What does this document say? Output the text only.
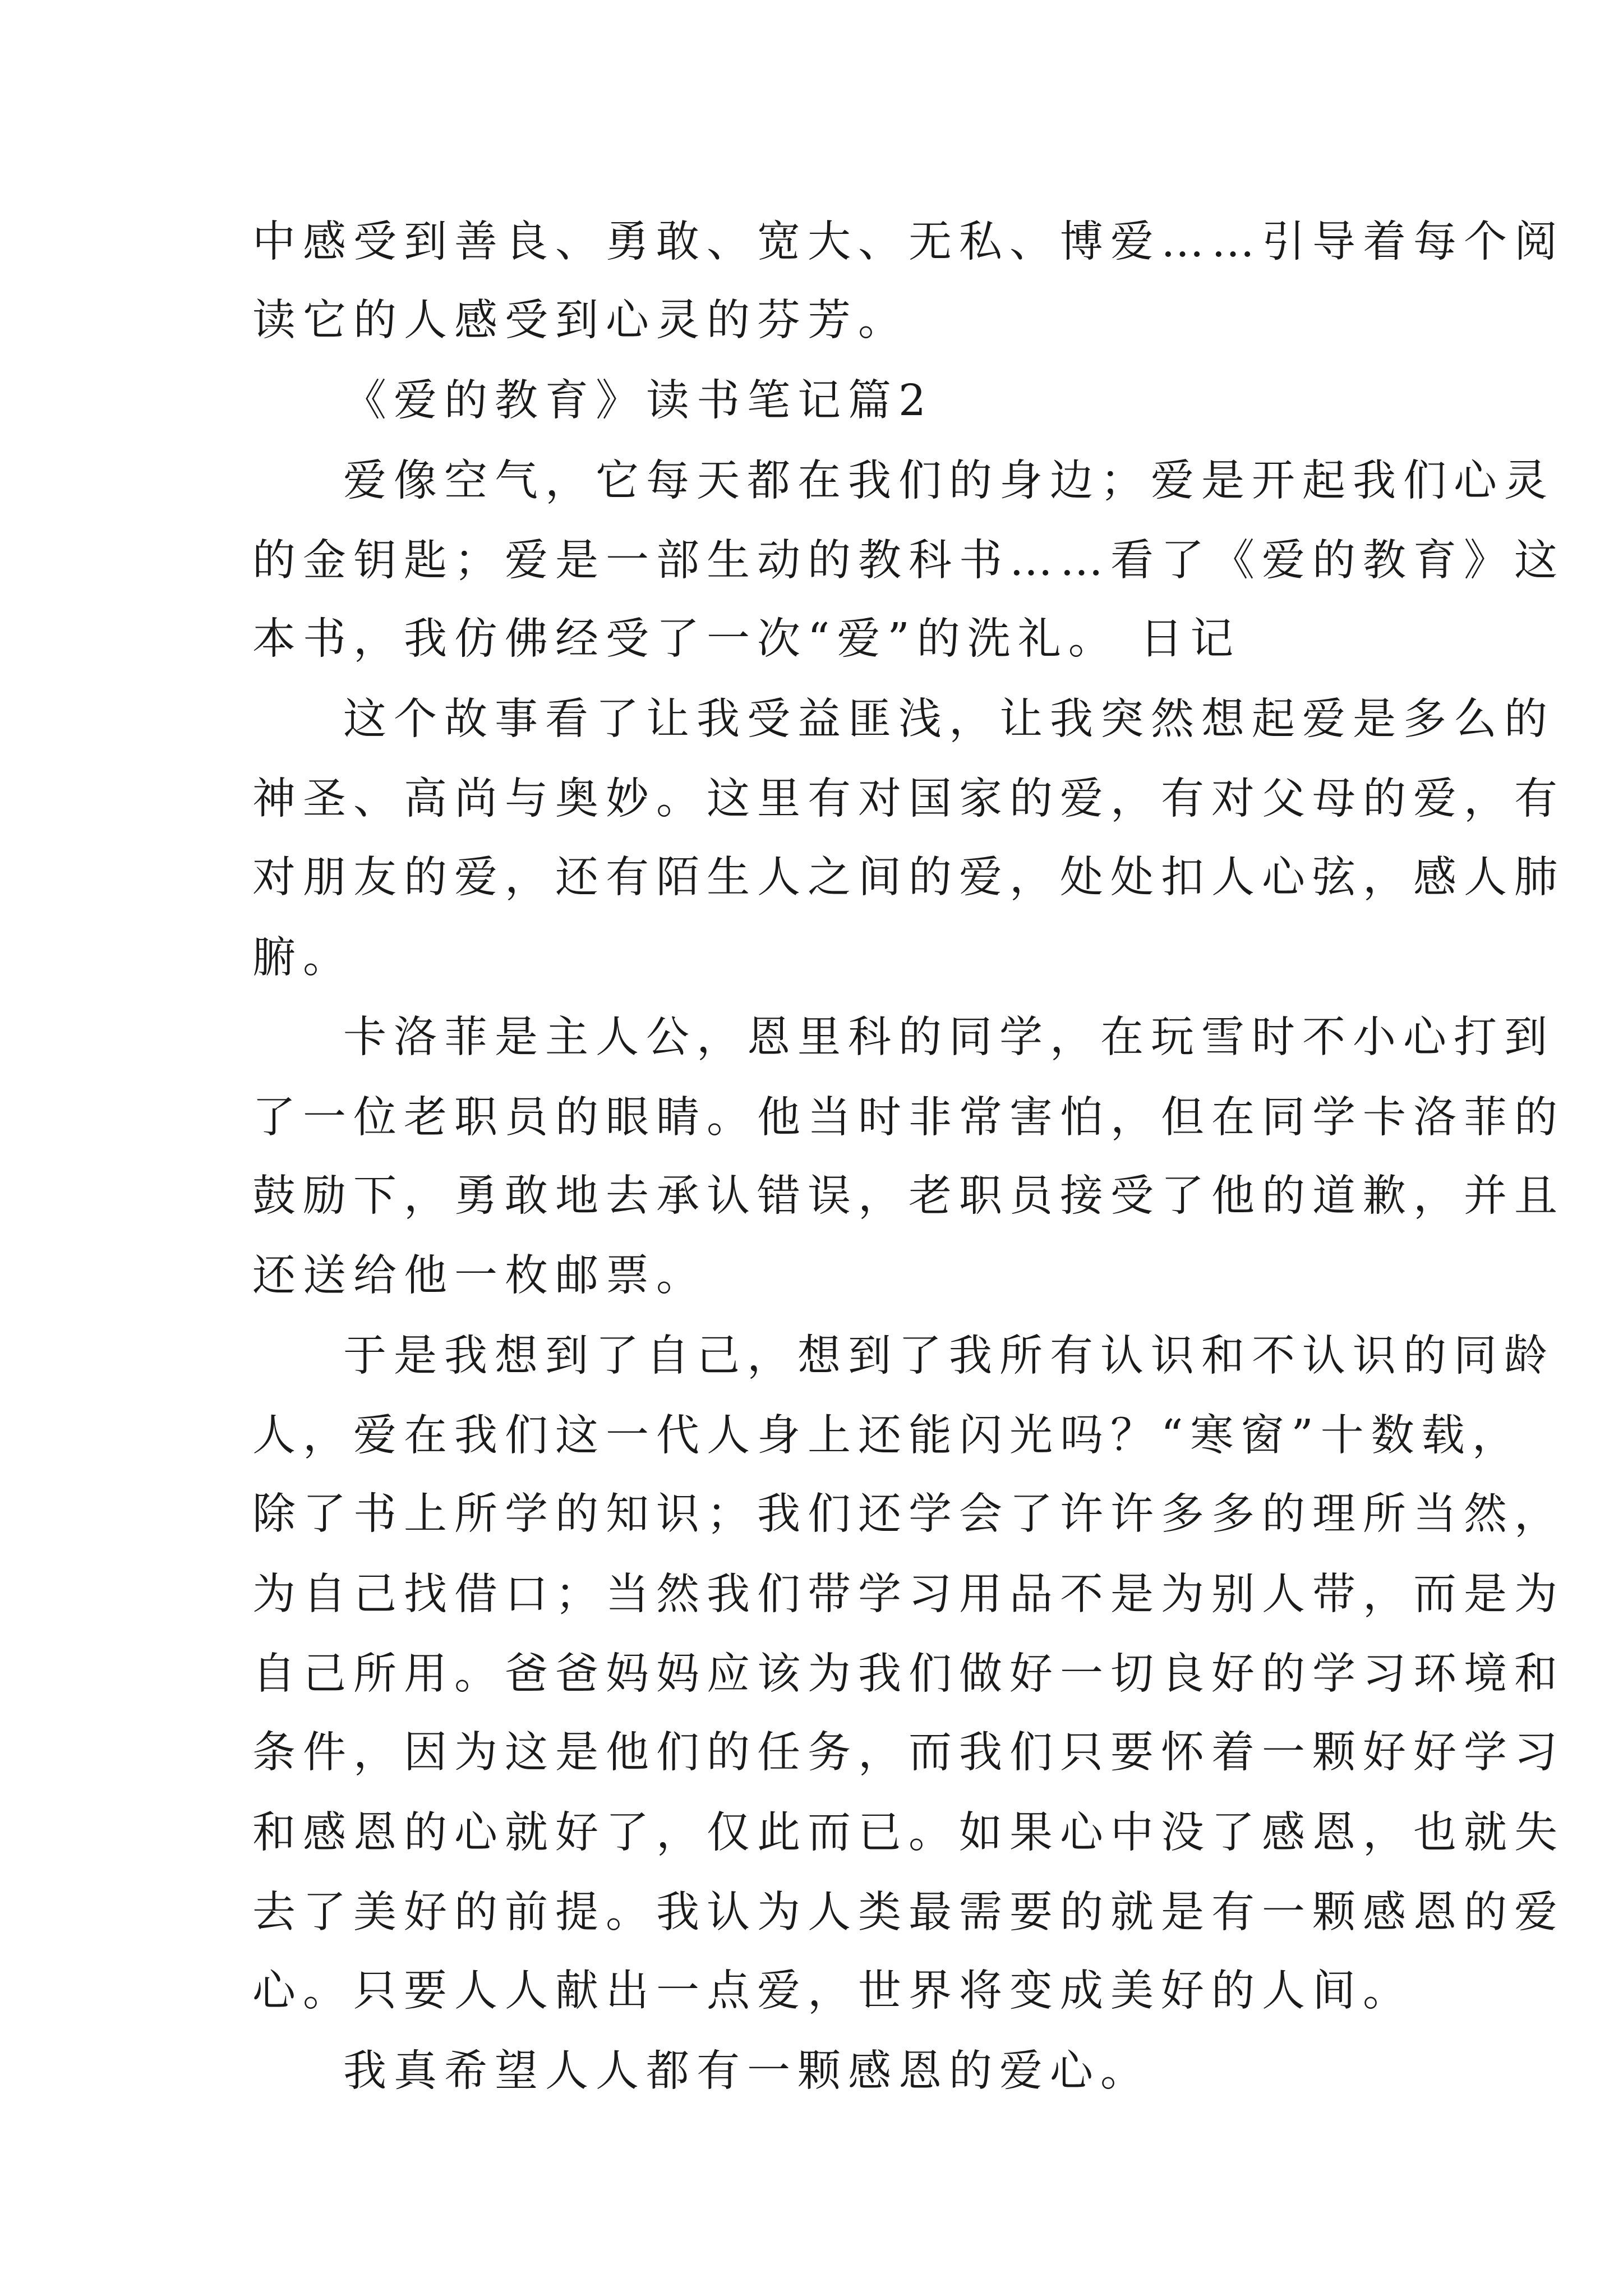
中感受到善良、勇敢、宽大、无私、博爱……引导着每个阅
读它的人感受到心灵的芬芳。
《爱的教育》读书笔记篇2
爱像空气，它每天都在我们的身边；爱是开起我们心灵
的金钥匙；爱是一部生动的教科书……看了《爱的教育》这
本书，我仿佛经受了一次“爱”的洗礼。 日记
这个故事看了让我受益匪浅，让我突然想起爱是多么的
神圣、高尚与奥妙。这里有对国家的爱，有对父母的爱，有
对朋友的爱，还有陌生人之间的爱，处处扣人心弦，感人肺
腑。
卡洛菲是主人公，恩里科的同学，在玩雪时不小心打到
了一位老职员的眼睛。他当时非常害怕，但在同学卡洛菲的
鼓励下，勇敢地去承认错误，老职员接受了他的道歉，并且
还送给他一枚邮票。
于是我想到了自己，想到了我所有认识和不认识的同龄
人，爱在我们这一代人身上还能闪光吗？“寒窗”十数载，
除了书上所学的知识；我们还学会了许许多多的理所当然，
为自己找借口；当然我们带学习用品不是为别人带，而是为
自己所用。爸爸妈妈应该为我们做好一切良好的学习环境和
条件，因为这是他们的任务，而我们只要怀着一颗好好学习
和感恩的心就好了，仅此而已。如果心中没了感恩，也就失
去了美好的前提。我认为人类最需要的就是有一颗感恩的爱
心。只要人人献出一点爱，世界将变成美好的人间。
我真希望人人都有一颗感恩的爱心。
